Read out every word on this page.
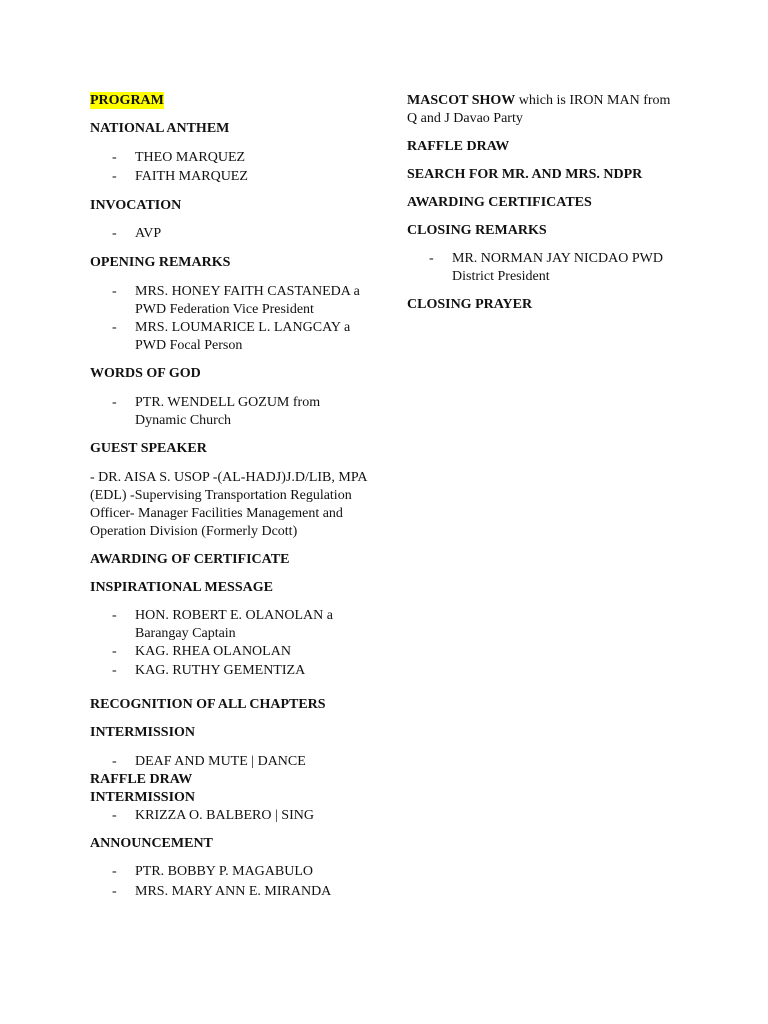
PROGRAM
NATIONAL ANTHEM
- THEO MARQUEZ
- FAITH MARQUEZ
INVOCATION
- AVP
OPENING REMARKS
- MRS. HONEY FAITH CASTANEDA a PWD Federation Vice President
- MRS. LOUMARICE L. LANGCAY a PWD Focal Person
WORDS OF GOD
- PTR. WENDELL GOZUM from Dynamic Church
GUEST SPEAKER
- DR. AISA S. USOP -(AL-HADJ)J.D/LIB, MPA (EDL) -Supervising Transportation Regulation Officer- Manager Facilities Management and Operation Division (Formerly Dcott)
AWARDING OF CERTIFICATE
INSPIRATIONAL MESSAGE
- HON. ROBERT E. OLANOLAN a Barangay Captain
- KAG. RHEA OLANOLAN
- KAG. RUTHY GEMENTIZA
RECOGNITION OF ALL CHAPTERS
INTERMISSION
- DEAF AND MUTE | DANCE
RAFFLE DRAW
INTERMISSION
- KRIZZA O. BALBERO | SING
ANNOUNCEMENT
- PTR. BOBBY P. MAGABULO
- MRS. MARY ANN E. MIRANDA
MASCOT SHOW which is IRON MAN from Q and J Davao Party
RAFFLE DRAW
SEARCH FOR MR. AND MRS. NDPR
AWARDING CERTIFICATES
CLOSING REMARKS
- MR. NORMAN JAY NICDAO PWD District President
CLOSING PRAYER
